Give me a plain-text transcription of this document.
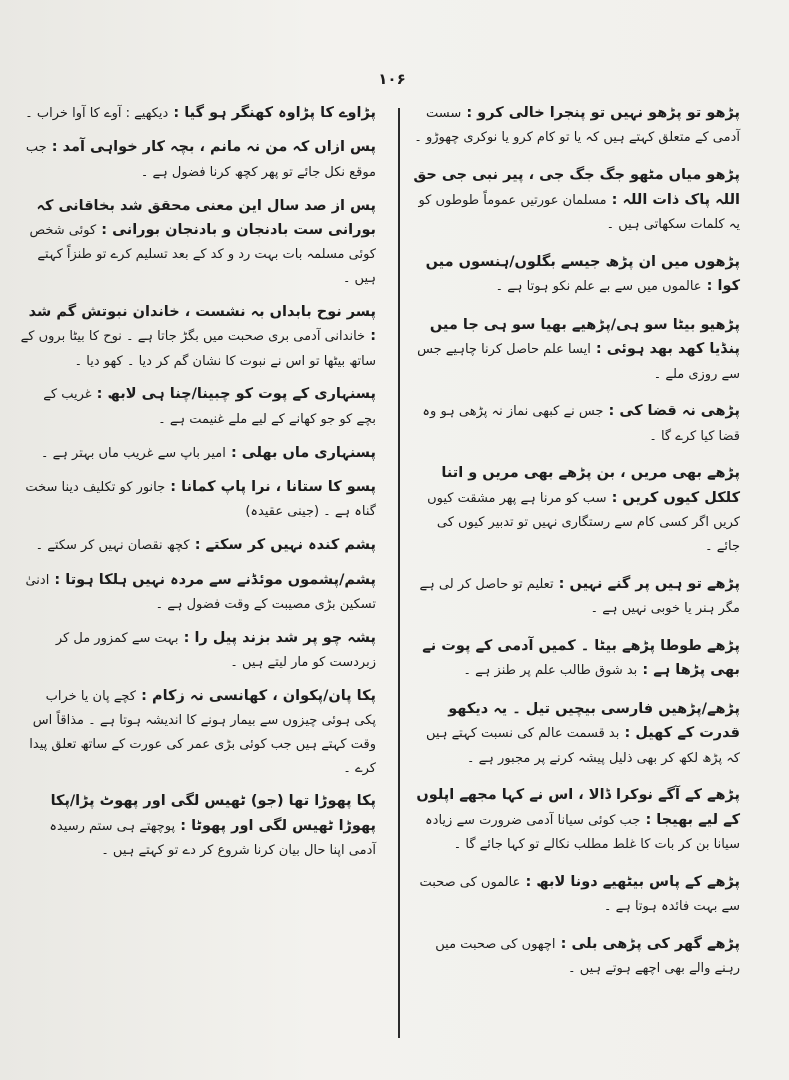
۱۰۶
پڑھو تو پڑھو نہیں تو پنجرا خالی کرو : سست آدمی کے متعلق کہتے ہیں کہ یا تو کام کرو یا نوکری چھوڑو ۔
پڑھو میاں مٹھو جگ جگ جی ، پیر نبی جی حق اللہ پاک ذات اللہ : مسلمان عورتیں عموماً طوطوں کو یہ کلمات سکھاتی ہیں ۔
پڑھوں میں ان پڑھ جیسے بگلوں/ہنسوں میں کوا : عالموں میں سے بے علم نکو ہوتا ہے ۔
پڑھیو بیٹا سو ہی/پڑھیے بھیا سو ہی جا میں پنڈیا کھد بھد ہوئی : ایسا علم حاصل کرنا چاہیے جس سے روزی ملے ۔
پڑھی نہ قضا کی : جس نے کبھی نماز نہ پڑھی ہو وہ قضا کیا کرے گا ۔
پڑھے بھی مریں ، بن پڑھے بھی مریں و اتنا کلکل کیوں کریں : سب کو مرنا ہے پھر مشقت کیوں کریں اگر کسی کام سے رستگاری نہیں تو تدبیر کیوں کی جائے ۔
پڑھے تو ہیں پر گنے نہیں : تعلیم تو حاصل کر لی ہے مگر ہنر یا خوبی نہیں ہے ۔
پڑھے طوطا پڑھے بیٹا ۔ کمیں آدمی کے پوت نے بھی پڑھا ہے : بد شوق طالب علم پر طنز ہے ۔
پڑھے/پڑھیں فارسی بیچیں تیل ۔ یہ دیکھو قدرت کے کھیل : بد قسمت عالم کی نسبت کہتے ہیں کہ پڑھ لکھ کر بھی ذلیل پیشہ کرنے پر مجبور ہے ۔
پڑھے کے آگے نوکرا ڈالا ، اس نے کہا مجھے اپلوں کے لیے بھیجا : جب کوئی سیانا آدمی ضرورت سے زیادہ سیانا بن کر بات کا غلط مطلب نکالے تو کہا جائے گا ۔
پڑھے کے پاس بیٹھیے دونا لابھ : عالموں کی صحبت سے بہت فائدہ ہوتا ہے ۔
پڑھے گھر کی پڑھی بلی : اچھوں کی صحبت میں رہنے والے بھی اچھے ہوتے ہیں ۔
پڑاوے کا پڑاوہ کھنگر ہو گیا : دیکھیے : آوے کا آوا خراب ۔
پس ازاں کہ من نہ مانم ، بچہ کار خواہی آمد : جب موقع نکل جائے تو پھر کچھ کرنا فضول ہے ۔
پس از صد سال این معنی محقق شد بخاقانی کہ بورانی ست بادنجان و بادنجان بورانی : کوئی شخص کوئی مسلمہ بات بہت رد و کد کے بعد تسلیم کرے تو طنزاً کہتے ہیں ۔
پسر نوح بابداں بہ نشست ، خاندان نبوتش گم شد : خاندانی آدمی بری صحبت میں بگڑ جاتا ہے ۔ نوح کا بیٹا بروں کے ساتھ بیٹھا تو اس نے نبوت کا نشان گم کر دیا ۔ کھو دیا ۔
پسنہاری کے پوت کو چبینا/چنا ہی لابھ : غریب کے بچے کو جو کھانے کے لیے ملے غنیمت ہے ۔
پسنہاری ماں بھلی : امیر باپ سے غریب ماں بہتر ہے ۔
پسو کا ستانا ، نرا پاپ کمانا : جانور کو تکلیف دینا سخت گناہ ہے ۔ (جینی عقیدہ)
پشم کندہ نہیں کر سکتے : کچھ نقصان نہیں کر سکتے ۔
پشم/پشموں موئڈنے سے مردہ نہیں ہلکا ہوتا : ادنیٰ تسکین بڑی مصیبت کے وقت فضول ہے ۔
پشہ چو پر شد بزند پیل را : بہت سے کمزور مل کر زبردست کو مار لیتے ہیں ۔
پکا پان/پکوان ، کھانسی نہ زکام : کچے پان یا خراب پکی ہوئی چیزوں سے بیمار ہونے کا اندیشہ ہوتا ہے ۔ مذاقاً اس وقت کہتے ہیں جب کوئی بڑی عمر کی عورت کے ساتھ تعلق پیدا کرے ۔
پکا پھوڑا تھا (جو) ٹھیس لگی اور پھوٹ پڑا/پکا پھوڑا ٹھیس لگی اور پھوٹا : پوچھتے ہی ستم رسیدہ آدمی اپنا حال بیان کرنا شروع کر دے تو کہتے ہیں ۔
